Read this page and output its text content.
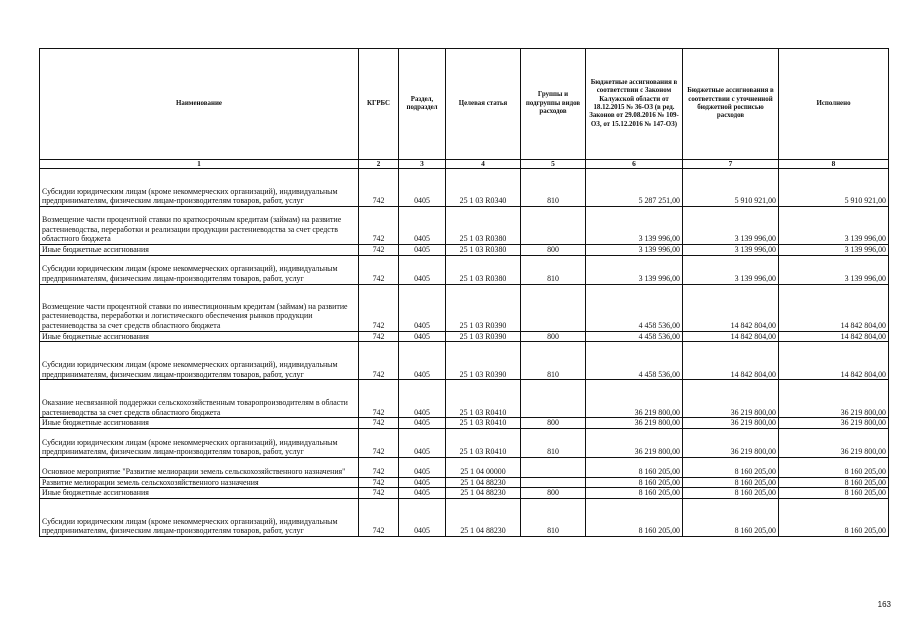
Наименование	КГРБС	Раздел, подраздел	Целевая статья	Группы и подгруппы видов расходов	Бюджетные ассигнования в соответствии с Законом Калужской области от 18.12.2015 № 36-ОЗ (в ред. Законов от 29.08.2016 № 109-ОЗ, от 15.12.2016 № 147-ОЗ)	Бюджетные ассигнования в соответствии с уточненной бюджетной росписью расходов	Исполнено
1	2	3	4	5	6	7	8
Субсидии юридическим лицам (кроме некоммерческих организаций), индивидуальным предпринимателям, физическим лицам-производителям товаров, работ, услуг	742	0405	25 1 03 R0340	810	5 287 251,00	5 910 921,00	5 910 921,00
Возмещение части процентной ставки по краткосрочным кредитам (займам) на развитие растениеводства, переработки и реализации продукции растениеводства за счет средств областного бюджета	742	0405	25 1 03 R0380		3 139 996,00	3 139 996,00	3 139 996,00
Иные бюджетные ассигнования	742	0405	25 1 03 R0380	800	3 139 996,00	3 139 996,00	3 139 996,00
Субсидии юридическим лицам (кроме некоммерческих организаций), индивидуальным предпринимателям, физическим лицам-производителям товаров, работ, услуг	742	0405	25 1 03 R0380	810	3 139 996,00	3 139 996,00	3 139 996,00
Возмещение части процентной ставки по инвестиционным кредитам (займам) на развитие растениеводства, переработки и логистического обеспечения рынков продукции растениеводства за счет средств областного бюджета	742	0405	25 1 03 R0390		4 458 536,00	14 842 804,00	14 842 804,00
Иные бюджетные ассигнования	742	0405	25 1 03 R0390	800	4 458 536,00	14 842 804,00	14 842 804,00
Субсидии юридическим лицам (кроме некоммерческих организаций), индивидуальным предпринимателям, физическим лицам-производителям товаров, работ, услуг	742	0405	25 1 03 R0390	810	4 458 536,00	14 842 804,00	14 842 804,00
Оказание несвязанной поддержки сельскохозяйственным товаропроизводителям в области растениеводства за счет средств областного бюджета	742	0405	25 1 03 R0410		36 219 800,00	36 219 800,00	36 219 800,00
Иные бюджетные ассигнования	742	0405	25 1 03 R0410	800	36 219 800,00	36 219 800,00	36 219 800,00
Субсидии юридическим лицам (кроме некоммерческих организаций), индивидуальным предпринимателям, физическим лицам-производителям товаров, работ, услуг	742	0405	25 1 03 R0410	810	36 219 800,00	36 219 800,00	36 219 800,00
Основное мероприятие "Развитие мелиорации земель сельскохозяйственного назначения"	742	0405	25 1 04 00000		8 160 205,00	8 160 205,00	8 160 205,00
Развитие мелиорации земель сельскохозяйственного назначения	742	0405	25 1 04 88230		8 160 205,00	8 160 205,00	8 160 205,00
Иные бюджетные ассигнования	742	0405	25 1 04 88230	800	8 160 205,00	8 160 205,00	8 160 205,00
Субсидии юридическим лицам (кроме некоммерческих организаций), индивидуальным предпринимателям, физическим лицам-производителям товаров, работ, услуг	742	0405	25 1 04 88230	810	8 160 205,00	8 160 205,00	8 160 205,00
163
